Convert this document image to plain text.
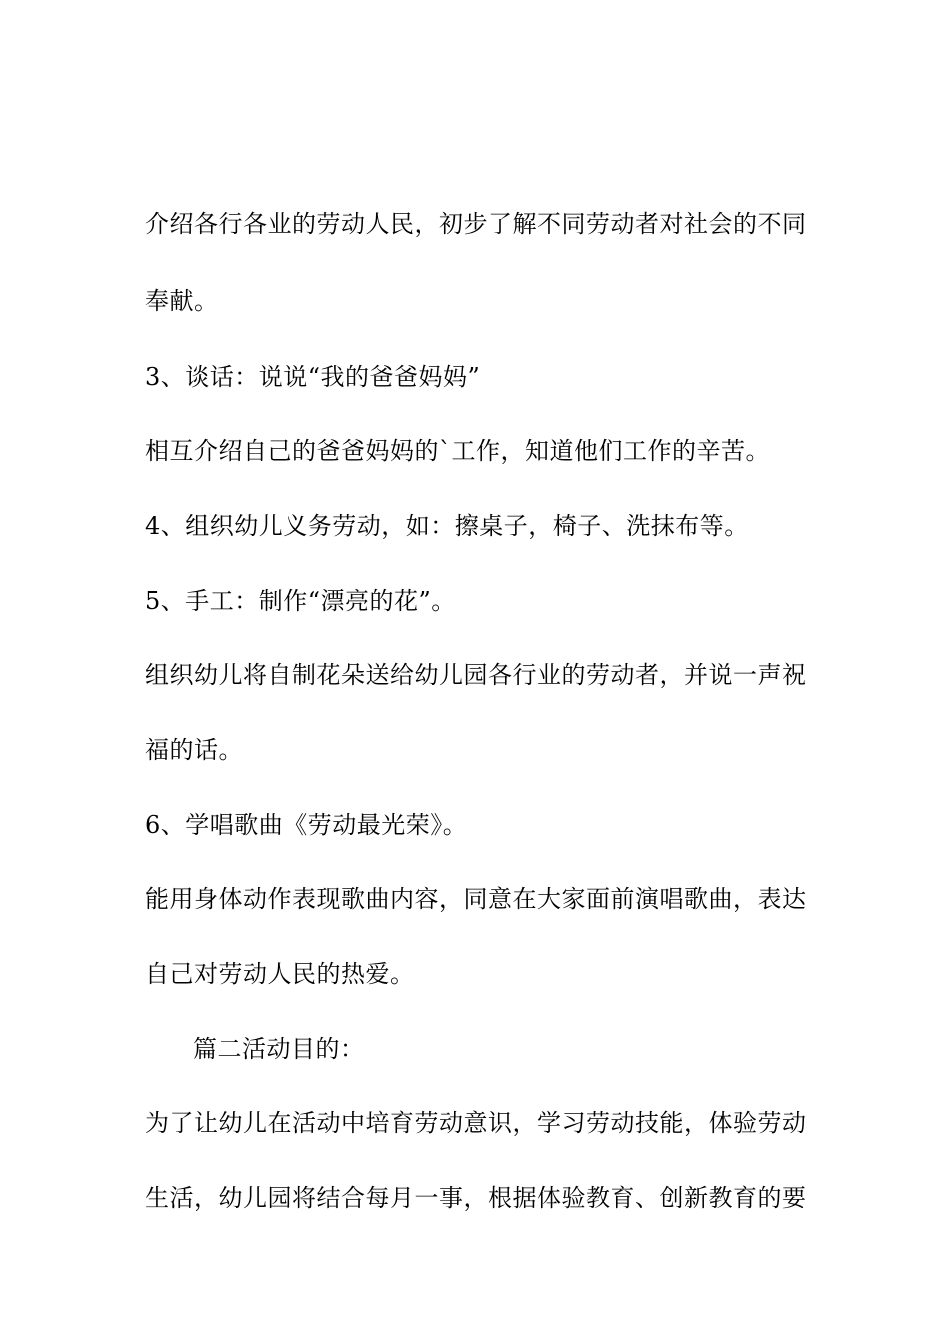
介绍各行各业的劳动人民，初步了解不同劳动者对社会的不同
奉献。
3、谈话：说说“我的爸爸妈妈”
相互介绍自己的爸爸妈妈的`工作，知道他们工作的辛苦。
4、组织幼儿义务劳动，如：擦桌子，椅子、洗抹布等。
5、手工：制作“漂亮的花”。
组织幼儿将自制花朵送给幼儿园各行业的劳动者，并说一声祝
福的话。
6、学唱歌曲《劳动最光荣》。
能用身体动作表现歌曲内容，同意在大家面前演唱歌曲，表达
自己对劳动人民的热爱。
篇二活动目的：
为了让幼儿在活动中培育劳动意识，学习劳动技能，体验劳动
生活，幼儿园将结合每月一事，根据体验教育、创新教育的要
